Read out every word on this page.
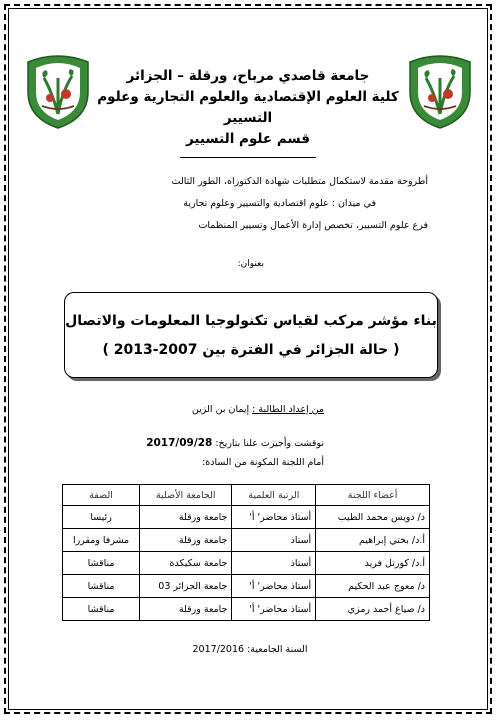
جامعة قاصدي مرباح، ورقلة – الجزائر
كلية العلوم الإقتصادية والعلوم التجارية وعلوم التسيير
قسم علوم التسيير
أطروحة مقدمة لاستكمال متطلبات شهادة الدكتوراه، الطور الثالث
في ميدان : علوم اقتصادية والتسيير وعلوم تجارية
فرع علوم التسيير، تخصص إدارة الأعمال وتسيير المنظمات
بعنوان:
بناء مؤشر مركب لقياس تكنولوجيا المعلومات والاتصال
( حالة الجزائر في الفترة بين 2007-2013 )
من إعداد الطالبة : إيمان بن الزين
نوقشت وأجيزت علنا بتاريخ: 2017/09/28
أمام اللجنة المكونة من السادة:
أعضاء اللجنة	الرتبة العلمية	الجامعة الأصلية	الصفة
د/ دويس محمد الطيب	أستاذ محاضر' أ'	جامعة ورقلة	رئيسا
أ.د/ بختي إبراهيم	أستاذ	جامعة ورقلة	مشرفا ومقررا
أ.د/ كورتل فريد	أستاذ	جامعة سكيكدة	مناقشا
د/ معوج عبد الحكيم	أستاذ محاضر' أ'	جامعة الجزائر 03	مناقشا
د/ صياغ أحمد رمزي	أستاذ محاضر' أ'	جامعة ورقلة	مناقشا
السنة الجامعية: 2017/2016
